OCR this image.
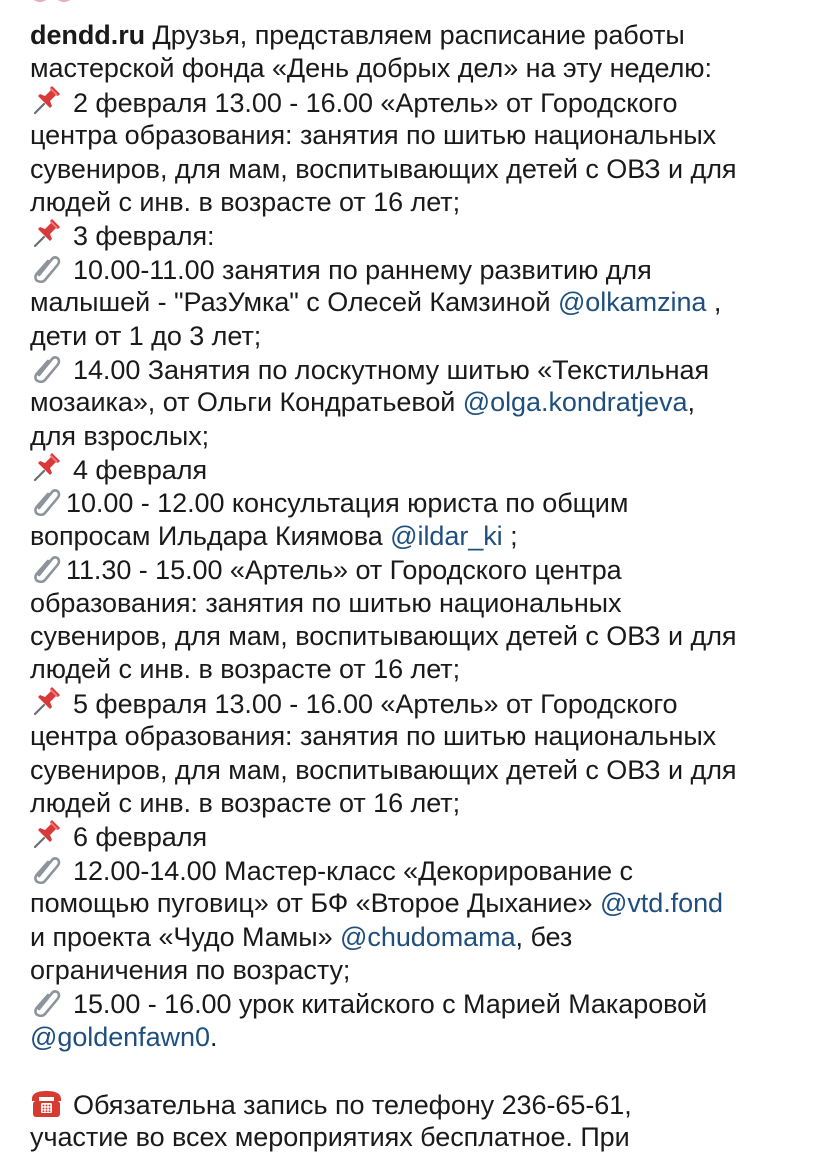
dendd.ru Друзья, представляем расписание работы
мастерской фонда «День добрых дел» на эту неделю:
2 февраля 13.00 - 16.00 «Артель» от Городского
центра образования: занятия по шитью национальных
сувениров, для мам, воспитывающих детей с ОВЗ и для
людей с инв. в возрасте от 16 лет;
3 февраля:
10.00-11.00 занятия по раннему развитию для
малышей - "РазУмка" с Олесей Камзиной @olkamzina ,
дети от 1 до 3 лет;
14.00 Занятия по лоскутному шитью «Текстильная
мозаика», от Ольги Кондратьевой @olga.kondratjeva,
для взрослых;
4 февраля
10.00 - 12.00 консультация юриста по общим
вопросам Ильдара Киямова @ildar_ki ;
11.30 - 15.00 «Артель» от Городского центра
образования: занятия по шитью национальных
сувениров, для мам, воспитывающих детей с ОВЗ и для
людей с инв. в возрасте от 16 лет;
5 февраля 13.00 - 16.00 «Артель» от Городского
центра образования: занятия по шитью национальных
сувениров, для мам, воспитывающих детей с ОВЗ и для
людей с инв. в возрасте от 16 лет;
6 февраля
12.00-14.00 Мастер-класс «Декорирование с
помощью пуговиц» от БФ «Второе Дыхание» @vtd.fond
и проекта «Чудо Мамы» @chudomama, без
ограничения по возрасту;
15.00 - 16.00 урок китайского с Марией Макаровой
@goldenfawn0.
Обязательна запись по телефону 236-65-61,
участие во всех мероприятиях бесплатное. При
